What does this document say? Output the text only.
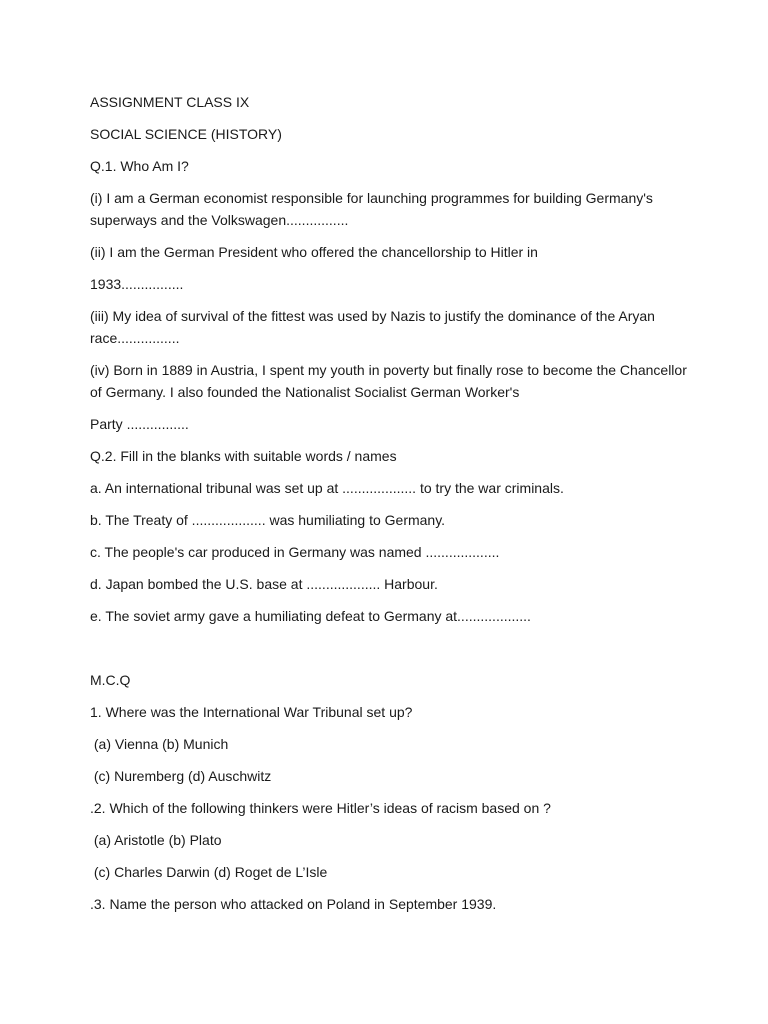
ASSIGNMENT CLASS IX

SOCIAL SCIENCE (HISTORY)

Q.1. Who Am I?

(i) I am a German economist responsible for launching programmes for building Germany's superways and the Volkswagen................

(ii) I am the German President who offered the chancellorship to Hitler in

1933................

(iii) My idea of survival of the fittest was used by Nazis to justify the dominance of the Aryan race................

(iv) Born in 1889 in Austria, I spent my youth in poverty but finally rose to become the Chancellor of Germany. I also founded the Nationalist Socialist German Worker's

Party ................

Q.2. Fill in the blanks with suitable words / names

a. An international tribunal was set up at ................... to try the war criminals.

b. The Treaty of ................... was humiliating to Germany.

c. The people's car produced in Germany was named ...................

d. Japan bombed the U.S. base at ................... Harbour.

e. The soviet army gave a humiliating defeat to Germany at...................

M.C.Q

1. Where was the International War Tribunal set up?

(a) Vienna (b) Munich

(c) Nuremberg (d) Auschwitz

.2. Which of the following thinkers were Hitler’s ideas of racism based on ?

(a) Aristotle (b) Plato

(c) Charles Darwin (d) Roget de L’Isle

.3. Name the person who attacked on Poland in September 1939.
